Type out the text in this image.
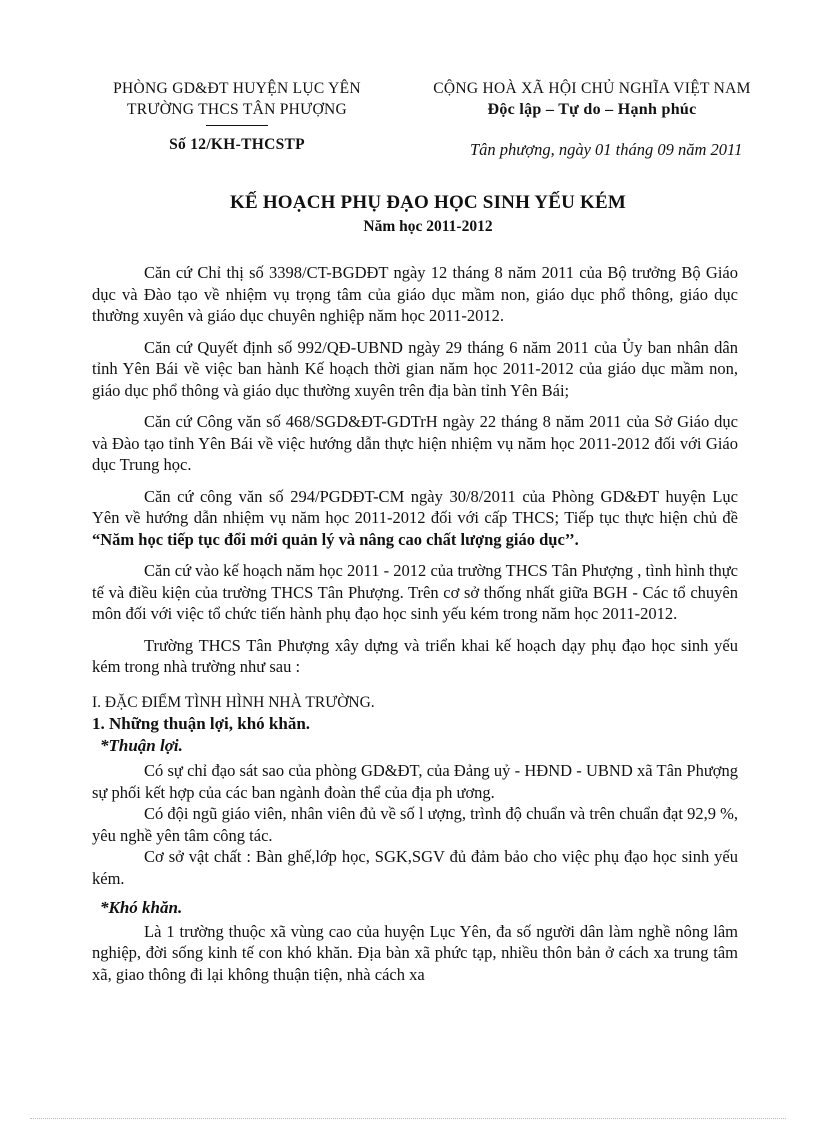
PHÒNG GD&ĐT HUYỆN LỤC YÊN
TRƯỜNG THCS TÂN PHƯỢNG
Số 12/KH-THCSTP
CỘNG HOÀ XÃ HỘI CHỦ NGHĨA VIỆT NAM
Độc lập – Tự do – Hạnh phúc
Tân phượng, ngày 01 tháng 09 năm 2011
KẾ HOẠCH PHỤ ĐẠO HỌC SINH YẾU KÉM
Năm học 2011-2012

Căn cứ Chỉ thị số 3398/CT-BGDĐT ngày 12 tháng 8 năm 2011 của Bộ trưởng Bộ Giáo dục và Đào tạo về nhiệm vụ trọng tâm của giáo dục mầm non, giáo dục phổ thông, giáo dục thường xuyên và giáo dục chuyên nghiệp năm học 2011-2012.

Căn cứ Quyết định số 992/QĐ-UBND ngày 29 tháng 6 năm 2011 của Ủy ban nhân dân tỉnh Yên Bái về việc ban hành Kế hoạch thời gian năm học 2011-2012 của giáo dục mầm non, giáo dục phổ thông và giáo dục thường xuyên trên địa bàn tỉnh Yên Bái;

Căn cứ Công văn số 468/SGD&ĐT-GDTrH ngày 22 tháng 8 năm 2011 của Sở Giáo dục và Đào tạo tỉnh Yên Bái về việc hướng dẫn thực hiện nhiệm vụ năm học 2011-2012 đối với Giáo dục Trung học.

Căn cứ công văn số 294/PGDĐT-CM ngày 30/8/2011 của Phòng GD&ĐT huyện Lục Yên về hướng dẫn nhiệm vụ năm học 2011-2012 đối với cấp THCS; Tiếp tục thực hiện chủ đề “Năm học tiếp tục đổi mới quản lý và nâng cao chất lượng giáo dục’’.

Căn cứ vào kế hoạch năm học 2011 - 2012 của trường THCS Tân Phượng , tình hình thực tế và điều kiện của trường THCS Tân Phượng. Trên cơ sở thống nhất giữa BGH - Các tổ chuyên môn đối với việc tổ chức tiến hành phụ đạo học sinh yếu kém trong năm học 2011-2012.

Trường THCS Tân Phượng xây dựng và triển khai kế hoạch dạy phụ đạo học sinh yếu kém trong nhà trường như sau :

I. ĐẶC ĐIỂM TÌNH HÌNH NHÀ TRƯỜNG.
1. Những thuận lợi, khó khăn.
*Thuận lợi.

Có sự chỉ đạo sát sao của phòng GD&ĐT, của Đảng uỷ - HĐND - UBND xã Tân Phượng sự phối kết hợp của các ban ngành đoàn thể của địa ph ương.

Có đội ngũ giáo viên, nhân viên đủ về số l ượng, trình độ chuẩn và trên chuẩn đạt 92,9 %, yêu nghề yên tâm công tác.

Cơ sở vật chất : Bàn ghế,lớp học, SGK,SGV đủ đảm bảo cho việc phụ đạo học sinh yếu kém.

*Khó khăn.

Là 1 trường thuộc xã vùng cao của huyện Lục Yên, đa số người dân làm nghề nông lâm nghiệp, đời sống kinh tế con khó khăn. Địa bàn xã phức tạp, nhiều thôn bản ở cách xa trung tâm xã, giao thông đi lại không thuận tiện, nhà cách xa
